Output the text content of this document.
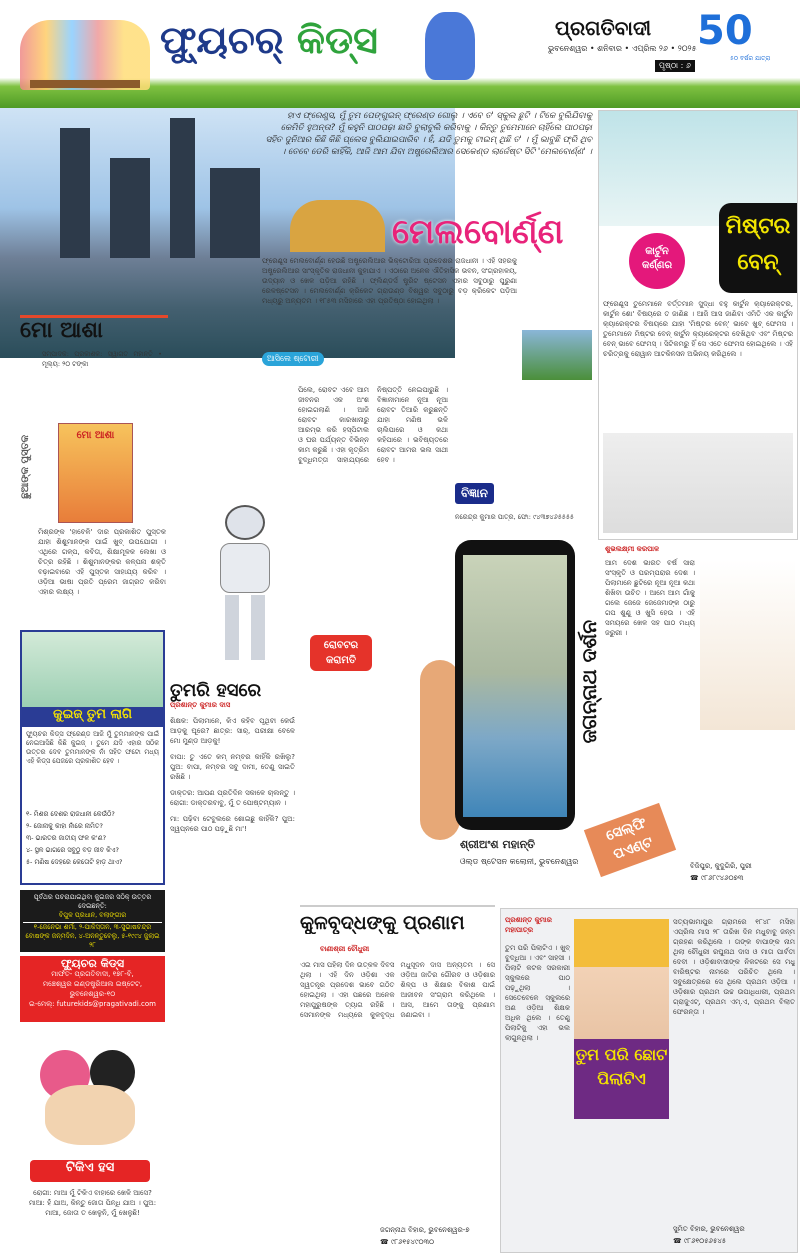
ଫ୍ୟୁଚର୍ କିଡ୍ସ	ପ୍ରଗତିବାଦୀ
ଭୁବନେଶ୍ୱର • ଶନିବାର • ଏପ୍ରିଲ ୨୬ • ୨୦୨୫
ପୃଷ୍ଠା : ୬
50
୫୦ ବର୍ଷର ଯାତ୍ରା
ହାଏ ଫ୍ରେଣ୍ଡ୍ସ, ମୁଁ ତୁମ ପେଙ୍ଗୁଇନ୍ ଫ୍ରେଣ୍ଡ ଗୋଲୁ । ଏବେ ତ' ସ୍କୁଲ ଛୁଟି । ଟିକେ ବୁଲିଯିବାକୁ କେମିତି ହୁଅନ୍ତା? ମୁଁ କହୁନି ପାଠପଢ଼ା ଛାଡି ବୁଲାବୁଲି କରିବାକୁ । କିନ୍ତୁ ତୁମେମାନେ ଚାହିଁଲେ ପାଠପଢ଼ା ସହିତ ଦୁନିଆର କିଛି କିଛି ପ୍ଲେସ ବୁଲିଯାଇପାରିବ । ହଁ, ଯଦି ତୁମକୁ ଟାଇମ୍ ଥିଛି ତ' । ମୁଁ ଭାବୁଛି ଫ୍ରି ଥିବ । ତେବେ ଡେରି କାହିଁକି, ଆଜି ଆମ ଯିବା ଅଷ୍ଟ୍ରେଲିଆର ସେକେଣ୍ଡ ଲାର୍ଜେଷ୍ଟ ସିଟି 'ମେଲବୋର୍ଣ୍ଣ' ।
ମେଲବୋର୍ଣ୍ଣ
ଫ୍ରେଣ୍ଡ୍ସ ମେଲବୋର୍ଣ୍ଣ ହେଉଛି ଅଷ୍ଟ୍ରେଲିଆର ଭିକ୍ଟୋରିଆ ପ୍ରଦେଶର ରାଜଧାନୀ । ଏହି ସହରକୁ ଅଷ୍ଟ୍ରେଲିଆର ସାଂସ୍କୃତିକ ରାଜଧାନୀ କୁହାଯାଏ । ଏଠାରେ ଅନେକ ଐତିହାସିକ ଭବନ, ସଂଗ୍ରହାଳୟ, ଉଦ୍ୟାନ ଓ ଖେଳ ପଡ଼ିଆ ରହିଛି । ଫ୍ଲିଣ୍ଡର୍ସ ଷ୍ଟ୍ରିଟ ଷ୍ଟେସନ ଏହାର ସବୁଠାରୁ ପୁରୁଣା ରେଳଷ୍ଟେସନ । ମେଲବୋର୍ଣ୍ଣ କ୍ରିକେଟ ଗ୍ରାଉଣ୍ଡ ବିଶ୍ୱର ସବୁଠାରୁ ବଡ଼ କ୍ରିକେଟ ପଡ଼ିଆ ମଧ୍ୟରୁ ଅନ୍ୟତମ । ୧୮୫୩ ମସିହାରେ ଏହା ପ୍ରତିଷ୍ଠା ହୋଇଥିଲା ।
ଆସିଲେ ଷ୍ଟୋରୀ
ମିଷ୍ଟର ବେନ୍
କାର୍ଟୁନ କର୍ଣ୍ଣର
ଫ୍ରେଣ୍ଡ୍ସ ତୁମେମାନେ ବର୍ତ୍ତମାନ ସୁଦ୍ଧା ବହୁ କାର୍ଟୁନ କ୍ୟାରେକ୍ଟର, କାର୍ଟୁନ ଶୋ' ବିଷୟରେ ତ ଜାଣିଛ । ଆଜି ଆସ ଜାଣିବା ଏମିତି ଏକ କାର୍ଟୁନ କ୍ୟାରେକ୍ଟର ବିଷୟରେ ଯାହା 'ମିଷ୍ଟର ବେନ୍' ଭାବେ ଖୁବ୍ ଫେମସ । ତୁମେମାନେ ମିଷ୍ଟର ବେନ୍ କାର୍ଟୁନ କ୍ୟାରେକ୍ଟର ଦେଖିଥିବ ଏବଂ ମିଷ୍ଟର ବେନ୍ ଭାବେ ଫେମସ୍ । ସିଟିକମରୁ ହିଁ ସେ ଏତେ ଫେମସ ହୋଇଥିଲେ । ଏହି ଚରିତ୍ରକୁ ରୋୱାନ ଆଟକିନସନ ଅଭିନୟ କରିଥିଲେ ।
ମୋ ଆଶା
ସମ୍ପାଦକ: ପ୍ରକାଶକ: ସ୍ୱାଗତ ମହାନ୍ତି • ମୂଲ୍ୟ: ୨୦ ଟଙ୍କା
ମୋ ଆଶା
ଛୁଆଙ୍କ ପୁସ୍ତକ
ମିଶ୍ରଙ୍କ 'ହାବେଳି' ଦାର ପ୍ରକାଶିତ ପୁସ୍ତକ ଯାହା ଶିଶୁମାନଙ୍କ ପାଇଁ ଖୁବ୍ ଉପଯୋଗୀ । ଏଥିରେ ଗଳ୍ପ, କବିତା, ଶିକ୍ଷାମୂଳକ ଲେଖା ଓ ଚିତ୍ର ରହିଛି । ଶିଶୁମାନଙ୍କର କଳ୍ପନା ଶକ୍ତି ବଢ଼ାଇବାରେ ଏହି ପୁସ୍ତକ ସାହାଯ୍ୟ କରିବ । ଓଡ଼ିଆ ଭାଷା ପ୍ରତି ପ୍ରେମ ଜାଗ୍ରତ କରିବା ଏହାର ଲକ୍ଷ୍ୟ ।
ପିଲେ, ରୋବଟ ଏବେ ଆମ ଜୀବନର ଏକ ଅଂଶ ହୋଇଗଲାଣି । ଆଜି ରୋବଟ କାରଖାନାରୁ ଆରମ୍ଭ କରି ହସ୍ପିଟାଲ ଓ ଘର ପର୍ଯ୍ୟନ୍ତ ବିଭିନ୍ନ କାମ କରୁଛି । ଏହା କୃତ୍ରିମ ବୁଦ୍ଧିମତ୍ତା ସାହାଯ୍ୟରେ ନିଷ୍ପତ୍ତି ନେଇପାରୁଛି । ବିଜ୍ଞାନୀମାନେ ନୂଆ ନୂଆ ରୋବଟ ତିଆରି କରୁଛନ୍ତି ଯାହା ମଣିଷ ଭଳି ଚାଲିପାରେ ଓ କଥା କହିପାରେ । ଭବିଷ୍ୟତରେ ରୋବଟ ଆମର ଭଲ ସାଥୀ ହେବ ।
ବିଜ୍ଞାନ
ନରେନ୍ଦ୍ର କୁମାର ପାତ୍ର, ଫୋ: ୯୪୩୭୪୬୫୫୫୫
ରୋବଟର କରାମତି
ଶ୍ରୀଅଂଶ ମହାନ୍ତି
ଓଲ୍ଡ ଷ୍ଟେସନ କଲୋନୀ, ଭୁବନେଶ୍ୱର
ସେଲ୍ଫି ପଏଣ୍ଟ
ଜଗନ୍ନାଥ ଦର୍ଶନ
ଶୁଭଲକ୍ଷ୍ମୀ କରପାଳ
ଆମ ଦେଶ ଭାରତ ବର୍ଷ ସାରା ସଂସ୍କୃତି ଓ ପରମ୍ପରାର ଦେଶ । ପିଲାମାନେ ଛୁଟିରେ ନୂଆ ନୂଆ କଥା ଶିଖିବା ଉଚିତ । ଆମେ ଆମ ଗାଁକୁ ଗଲେ ଜେଜେ ଜେଜେମାଙ୍କ ଠାରୁ ଗପ ଶୁଣୁ ଓ ଖୁସି ହେଉ । ଏହି ସମୟରେ ଖେଳ ସହ ପାଠ ମଧ୍ୟ ଜରୁରୀ ।
ବିଜିପୁର, କୁଦୁଗିରି, ପୁରୀ
☎ ୯୮୬୮୯୪୬୦୭୩
କୁଇଜ୍ ତୁମ ଲାଗି
ଫ୍ୟୁଚର କିଡ୍ସ ଫ୍ରେଣ୍ଡ ଆଜି ମୁଁ ତୁମମାନଙ୍କ ପାଇଁ ନେଇଆସିଛି କିଛି କୁଇଜ୍ । ତୁମେ ଯଦି ଏହାର ସଠିକ ଉତ୍ତର ଦେବ ତୁମମାନଙ୍କ ନାଁ ସହିତ ଫଟୋ ମଧ୍ୟ ଏହି କିଡ୍ସ ପେଜରେ ପ୍ରକାଶିତ ହେବ ।
୧- ମିଶର ଦେଶର ରାଜଧାନୀ କେଉଁଠି?
୨- ଜୋନାକୁ କାହା ନାଁରେ ନାମିତ?
୩- ଭାରତର ଜାତୀୟ ଫଳ କ'ଣ?
୪- ସ୍ଥଳ ଭାଗରେ ସବୁଠୁ ବଡ଼ ଜୀବ କିଏ?
୫- ମଣିଷ ଦେହରେ କେତୋଟି ହାଡ଼ ଥାଏ?
ପୂର୍ବଥର ପଚରାଯାଇଥିବା କୁଇଜର ସଠିକ୍ ଉତ୍ତର ଦେଇଛନ୍ତି:
ବିପୁଳ ପ୍ରଧାନ, ବଲାଙ୍ଗୀର
୧-ଜେନେଭା ଶର୍ମା, ୨-ପାକିସ୍ତାନ, ୩-ସୁଭାଷଚନ୍ଦ୍ର ବୋଷଙ୍କ ଜନ୍ମଦିନ, ୪-ଅନନ୍ତୁବେଲୁ, ୫-୧୯୯୪ ଜୁଲାଇ ୨୮
ଫ୍ୟୁଚର କିଡ୍ସ
ମାର୍ଫତ- ପ୍ରଗତିବାଦୀ, ୧୭୮-ବି,
ମଞ୍ଚେଶ୍ୱର ଇଣ୍ଡଷ୍ଟ୍ରିଆଲ ଇଷ୍ଟେଟ, ଭୁବନେଶ୍ୱର-୧୦
ଇ-ମେଲ୍: futurekids@pragativadi.com
ଟିକିଏ ହସ
ରୋଗୀ: ମାଆ ମୁଁ ଟିକିଏ ବାହାରେ ଖେଳି ଆସେ? ମାଆ: ହଁ ଯାଅ, କିନ୍ତୁ ଜୋତା ପିନ୍ଧି ଯାଅ । ପୁଅ: ମାଆ, ଜୋତା ତ ଖେଳୁନି, ମୁଁ ଖେଳୁଛି!
ତୁମରି ହସରେ
ପ୍ରଶାନ୍ତ କୁମାର ଦାସ
ଶିକ୍ଷକ: ପିଲାମାନେ, କିଏ କହିବ ପୃଥିବୀ କେଉଁ ଆଡ଼କୁ ଘୂରେ? ଛାତ୍ର: ସାର୍, ପରୀକ୍ଷା ବେଳେ ମୋ ମୁଣ୍ଡ ଆଡ଼କୁ!
ବାପା: ତୁ ଏତେ କମ୍ ନମ୍ବର କାହିଁକି ରଖିଲୁ? ପୁଅ: ବାପା, ନମ୍ବର ସବୁ ଦାମୀ, ତେଣୁ ସାଇତି ରଖିଛି ।
ଡାକ୍ତର: ଆପଣ ପ୍ରତିଦିନ ସକାଳେ ଚାଲନ୍ତୁ । ରୋଗୀ: ଡାକ୍ତରବାବୁ, ମୁଁ ତ ପୋଷ୍ଟମ୍ୟାନ ।
ମା: ପଢ଼ିବା ଟେବୁଲରେ ଶୋଇଛୁ କାହିଁକି? ପୁଅ: ସ୍ୱପ୍ନରେ ପାଠ ପଢ଼ୁଛି ମା'!
କୁଳବୃଦ୍ଧଙ୍କୁ ପ୍ରଣାମ
ବାଣୀଶ୍ରୀ ଚୌଧୁରୀ
ଏଇ ମାସ ପହିଲା ଦିନ ଉତ୍କଳ ଦିବସ ଥିଲା । ଏହି ଦିନ ଓଡ଼ିଶା ଏକ ସ୍ୱତନ୍ତ୍ର ପ୍ରଦେଶ ଭାବେ ଗଠିତ ହୋଇଥିଲା । ଏହା ପଛରେ ଅନେକ ମହାପୁରୁଷଙ୍କ ତ୍ୟାଗ ରହିଛି । ସେମାନଙ୍କ ମଧ୍ୟରେ କୁଳବୃଦ୍ଧ ମଧୁସୂଦନ ଦାସ ଅନ୍ୟତମ । ସେ ଓଡ଼ିଆ ଜାତିର ଗୌରବ ଓ ଓଡ଼ିଶାର ଶିଳ୍ପ ଓ ଶିକ୍ଷାର ବିକାଶ ପାଇଁ ଆଜୀବନ ସଂଗ୍ରାମ କରିଥିଲେ । ଆସ, ଆମେ ତାଙ୍କୁ ପ୍ରଣାମ ଜଣାଇବା ।
ଜଗନ୍ନାଥ ବିହାର, ଭୁବନେଶ୍ୱର-୭
☎ ୯୮୬୧୫୪୯୦୩୦
ପ୍ରଶାନ୍ତ କୁମାର ମହାପାତ୍ର
ତୁମ ପରି ପିଲାଟିଏ । ଖୁବ୍ ବୁଦ୍ଧିଆ । ଏବଂ ସାହସୀ । ପିଲାଟି କଟକ ସରକାରୀ ସ୍କୁଲରେ ପାଠ ପଢ଼ୁଥିଲା । ସେତେବେଳେ ସ୍କୁଲରେ ଅଣ ଓଡ଼ିଆ ଶିକ୍ଷକ ଅଧିକ ଥିଲେ । ତେଣୁ ପିଲାଟିକୁ ଏହା ଭଲ ଲାଗୁନଥିଲା ।
ତୁମ ପରି ଛୋଟ ପିଲାଟିଏ
ସତ୍ୟଭାମାପୁର ଗ୍ରାମରେ ୧୮୪୮ ମସିହା ଏପ୍ରିଲ ମାସ ୨୮ ତାରିଖ ଦିନ ମଧୁବାବୁ ଜନ୍ମ ଗ୍ରହଣ କରିଥିଲେ । ତାଙ୍କ ବାପାଙ୍କ ନାମ ଥିଲା ଚୌଧୁରୀ ରଘୁନାଥ ଦାସ ଓ ମାତା ପାର୍ବତୀ ଦେବୀ । ଓଡ଼ିଶାବାସୀଙ୍କ ନିକଟରେ ସେ ମଧୁ ବାରିଷ୍ଟର ନାମରେ ପରିଚିତ ଥିଲେ । ସବୁକ୍ଷେତ୍ରରେ ସେ ଥିଲେ ପ୍ରଥମ ଓଡ଼ିଆ । ଓଡ଼ିଶାର ପ୍ରଥମ ଉଚ୍ଚ ଉପାଧିଧାରୀ, ପ୍ରଥମ ଗ୍ରାଜୁଏଟ୍, ପ୍ରଥମ ଏମ୍.ଏ, ପ୍ରଥମ ବିଲାତ ଫେରନ୍ତା ।
ସୁମିତ ବିହାର, ଭୁବନେଶ୍ୱର
☎ ୯୮୬୧୦୫୬୫୪୫
